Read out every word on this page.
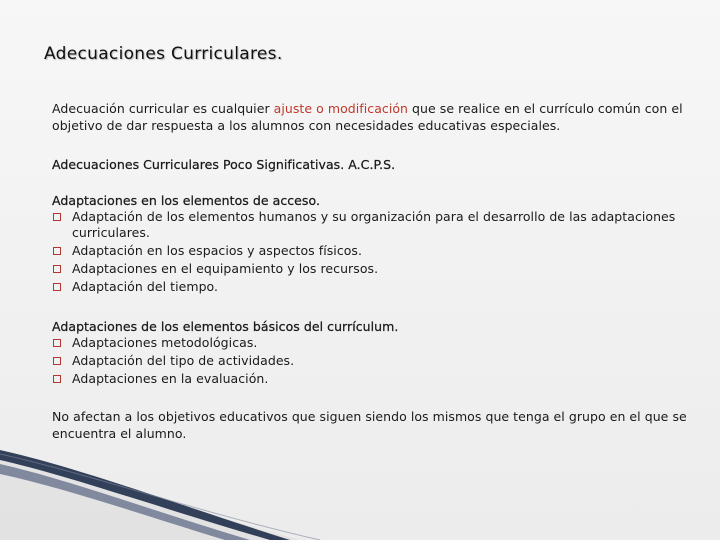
Adecuaciones Curriculares.

Adecuación curricular es cualquier ajuste o modificación que se realice en el currículo común con el objetivo de dar respuesta a los alumnos con necesidades educativas especiales.

Adecuaciones Curriculares Poco Significativas. A.C.P.S.

Adaptaciones en los elementos de acceso.

Adaptación de los elementos humanos y su organización para el desarrollo de las adaptaciones curriculares.
Adaptación en los espacios y aspectos físicos.
Adaptaciones en el equipamiento y los recursos.
Adaptación del tiempo.

Adaptaciones de los elementos básicos del currículum.

Adaptaciones metodológicas.
Adaptación del tipo de actividades.
Adaptaciones en la evaluación.

No afectan a los objetivos educativos que siguen siendo los mismos que tenga el grupo en el que se encuentra el alumno.
